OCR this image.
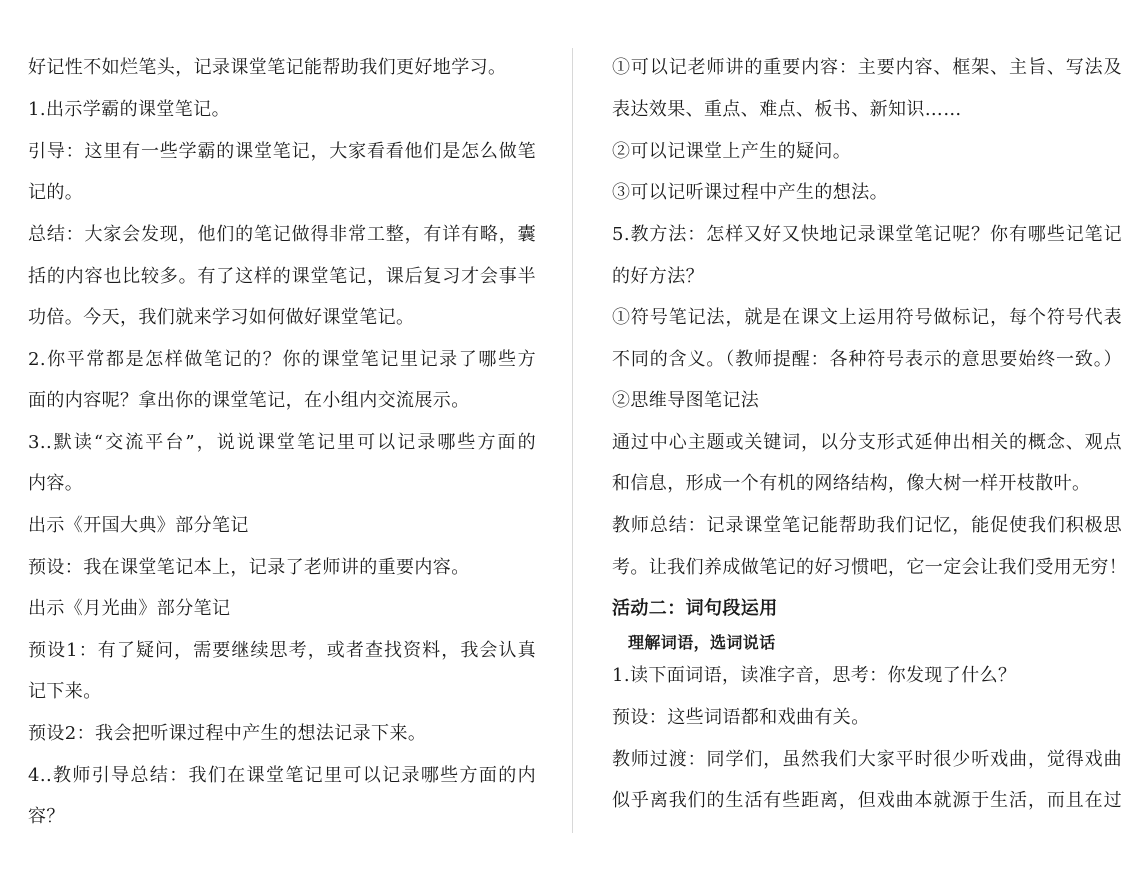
好记性不如烂笔头，记录课堂笔记能帮助我们更好地学习。
1.出示学霸的课堂笔记。
引导：这里有一些学霸的课堂笔记，大家看看他们是怎么做笔
记的。
总结：大家会发现，他们的笔记做得非常工整，有详有略，囊
括的内容也比较多。有了这样的课堂笔记，课后复习才会事半
功倍。今天，我们就来学习如何做好课堂笔记。
2.你平常都是怎样做笔记的？你的课堂笔记里记录了哪些方
面的内容呢？拿出你的课堂笔记，在小组内交流展示。
3..默读“交流平台”，说说课堂笔记里可以记录哪些方面的
内容。
出示《开国大典》部分笔记
预设：我在课堂笔记本上，记录了老师讲的重要内容。
出示《月光曲》部分笔记
预设1：有了疑问，需要继续思考，或者查找资料，我会认真
记下来。
预设2：我会把听课过程中产生的想法记录下来。
4..教师引导总结：我们在课堂笔记里可以记录哪些方面的内
容？
①可以记老师讲的重要内容：主要内容、框架、主旨、写法及
表达效果、重点、难点、板书、新知识……
②可以记课堂上产生的疑问。
③可以记听课过程中产生的想法。
5.教方法：怎样又好又快地记录课堂笔记呢？你有哪些记笔记
的好方法？
①符号笔记法，就是在课文上运用符号做标记，每个符号代表
不同的含义。（教师提醒：各种符号表示的意思要始终一致。）
②思维导图笔记法
通过中心主题或关键词，以分支形式延伸出相关的概念、观点
和信息，形成一个有机的网络结构，像大树一样开枝散叶。
教师总结：记录课堂笔记能帮助我们记忆，能促使我们积极思
考。让我们养成做笔记的好习惯吧，它一定会让我们受用无穷！
活动二：词句段运用
理解词语，选词说话
1.读下面词语，读准字音，思考：你发现了什么？
预设：这些词语都和戏曲有关。
教师过渡：同学们，虽然我们大家平时很少听戏曲，觉得戏曲
似乎离我们的生活有些距离，但戏曲本就源于生活，而且在过
